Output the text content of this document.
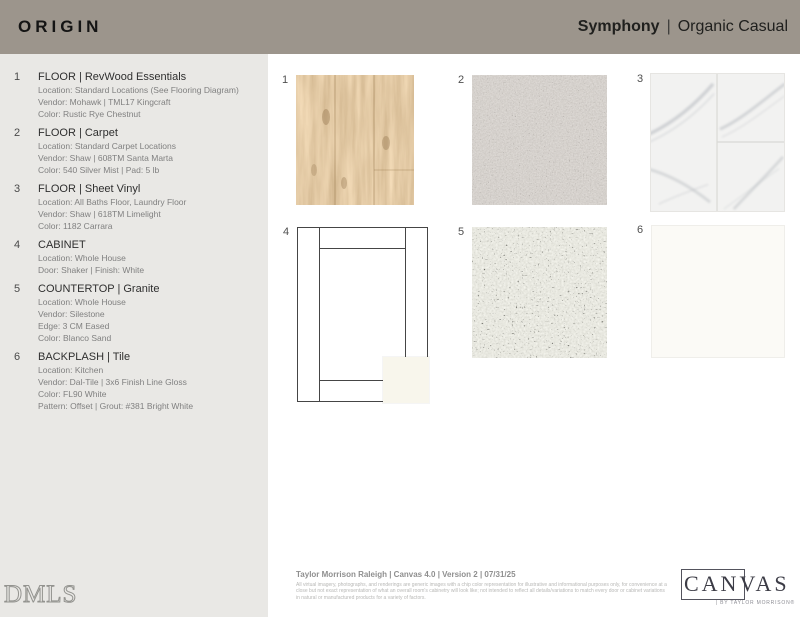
ORIGIN	Symphony | Organic Casual
1	FLOOR | RevWood Essentials
Location: Standard Locations (See Flooring Diagram)
Vendor: Mohawk | TML17 Kingcraft
Color: Rustic Rye Chestnut
2	FLOOR | Carpet
Location: Standard Carpet Locations
Vendor: Shaw | 608TM Santa Marta
Color: 540 Silver Mist | Pad: 5 lb
3	FLOOR | Sheet Vinyl
Location: All Baths Floor, Laundry Floor
Vendor: Shaw | 618TM Limelight
Color: 1182 Carrara
4	CABINET
Location: Whole House
Door: Shaker | Finish: White
5	COUNTERTOP | Granite
Location: Whole House
Vendor: Silestone
Edge: 3 CM Eased
Color: Blanco Sand
6	BACKPLASH | Tile
Location: Kitchen
Vendor: Dal-Tile | 3x6 Finish Line Gloss
Color: FL90 White
Pattern: Offset | Grout: #381 Bright White
DMLS
1	2	3
4	5	6
Taylor Morrison Raleigh | Canvas 4.0 | Version 2 | 07/31/25
All virtual imagery, photographs, and renderings are generic images with a chip color representation for illustrative and informational purposes only, for convenience at a close but not exact representation of what an overall room's cabinetry will look like; not intended to reflect all details/variations to match every door or cabinet variations in natural or manufactured products for a variety of factors.
CANVAS
| BY TAYLOR MORRISON®
